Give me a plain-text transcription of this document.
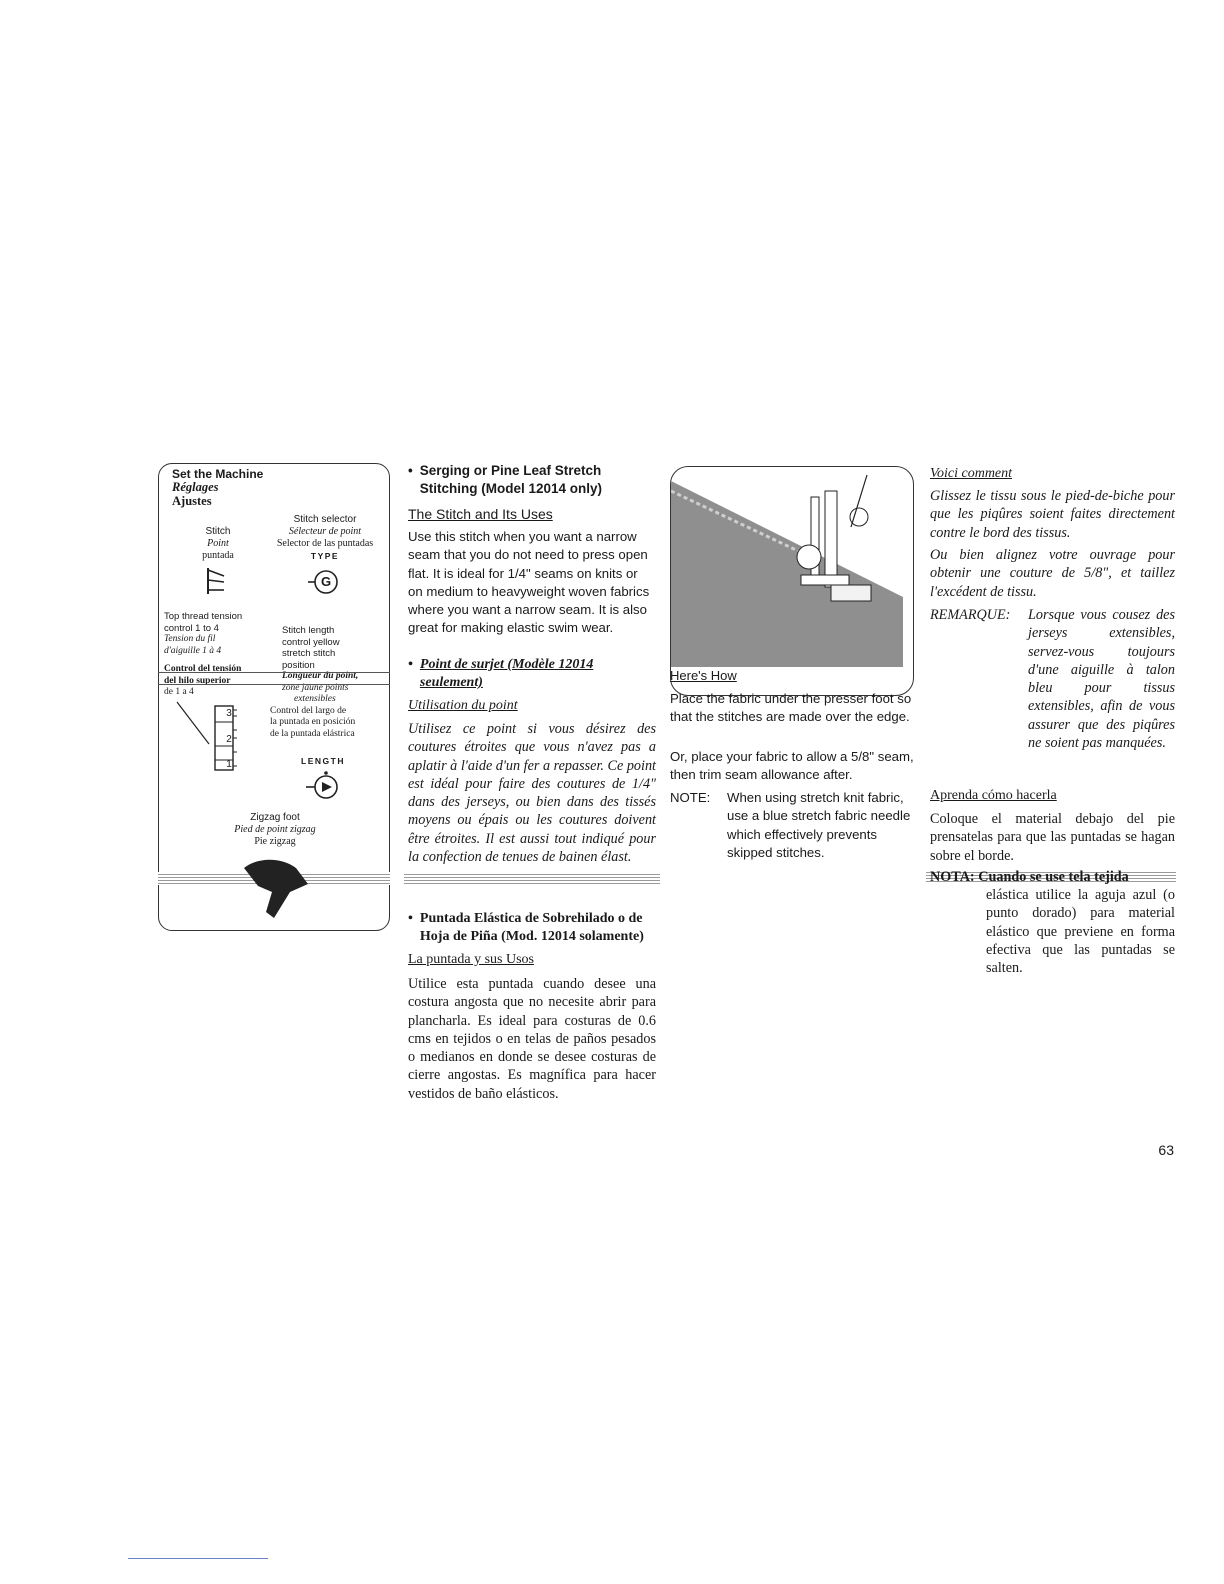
Set the Machine
Réglages
Ajustes
Stitch selector
Sélecteur de point
Selector de las puntadas
TYPE
Stitch
Point
puntada
G
Top thread tension
control 1 to 4
Tension du fil
d'aiguille 1 à 4
Control del tensión
del hilo superior
de 1 a 4
Stitch length
control yellow
stretch stitch
position
Longueur du point,
zone jaune points
extensibles
Control del largo de
la puntada en posición
de la puntada elástrica
3
2
1	LENGTH
Zigzag foot
Pied de point zigzag
Pie zigzag
• Serging or Pine Leaf Stretch
Stitching (Model 12014 only)
The Stitch and Its Uses

Use this stitch when you want a narrow seam that you do not need to press open flat. It is ideal for 1/4" seams on knits or on medium to heavyweight woven fabrics where you want a narrow seam. It is also great for making elastic swim wear.

• Point de surjet (Modèle 12014
seulement)
Utilisation du point

Utilisez ce point si vous désirez des coutures étroites que vous n'avez pas a aplatir à l'aide d'un fer a repasser. Ce point est idéal pour faire des coutures de 1/4" dans des jerseys, ou bien dans des tissés moyens ou épais ou les coutures doivent être étroites. Il est aussi tout indiqué pour la confection de tenues de bainen élast.

• Puntada Elástica de Sobrehilado o de
Hoja de Piña (Mod. 12014 solamente)
La puntada y sus Usos

Utilice esta puntada cuando desee una costura angosta que no necesite abrir para plancharla. Es ideal para costuras de 0.6 cms en tejidos o en telas de paños pesados o medianos en donde se desee costuras de cierre angostas. Es magnífica para hacer vestidos de baño elásticos.

Here's How

Place the fabric under the presser foot so that the stitches are made over the edge.

Or, place your fabric to allow a 5/8" seam, then trim seam allowance after.

NOTE:	When using stretch knit fabric, use a blue stretch fabric needle which effectively prevents skipped stitches.
Voici comment

Glissez le tissu sous le pied-de-biche pour que les piqûres soient faites directement contre le bord des tissus.

Ou bien alignez votre ouvrage pour obtenir une couture de 5/8", et taillez l'excédent de tissu.

REMARQUE:	Lorsque vous cousez des jerseys extensibles, servez-vous toujours d'une aiguille à talon bleu pour tissus extensibles, afin de vous assurer que des piqûres ne soient pas manquées.
Aprenda cómo hacerla

Coloque el material debajo del pie prensatelas para que las puntadas se hagan sobre el borde.

NOTA: Cuando se use tela tejida

elástica utilice la aguja azul (o punto dorado) para material elástico que previene en forma efectiva que las puntadas se salten.

63
